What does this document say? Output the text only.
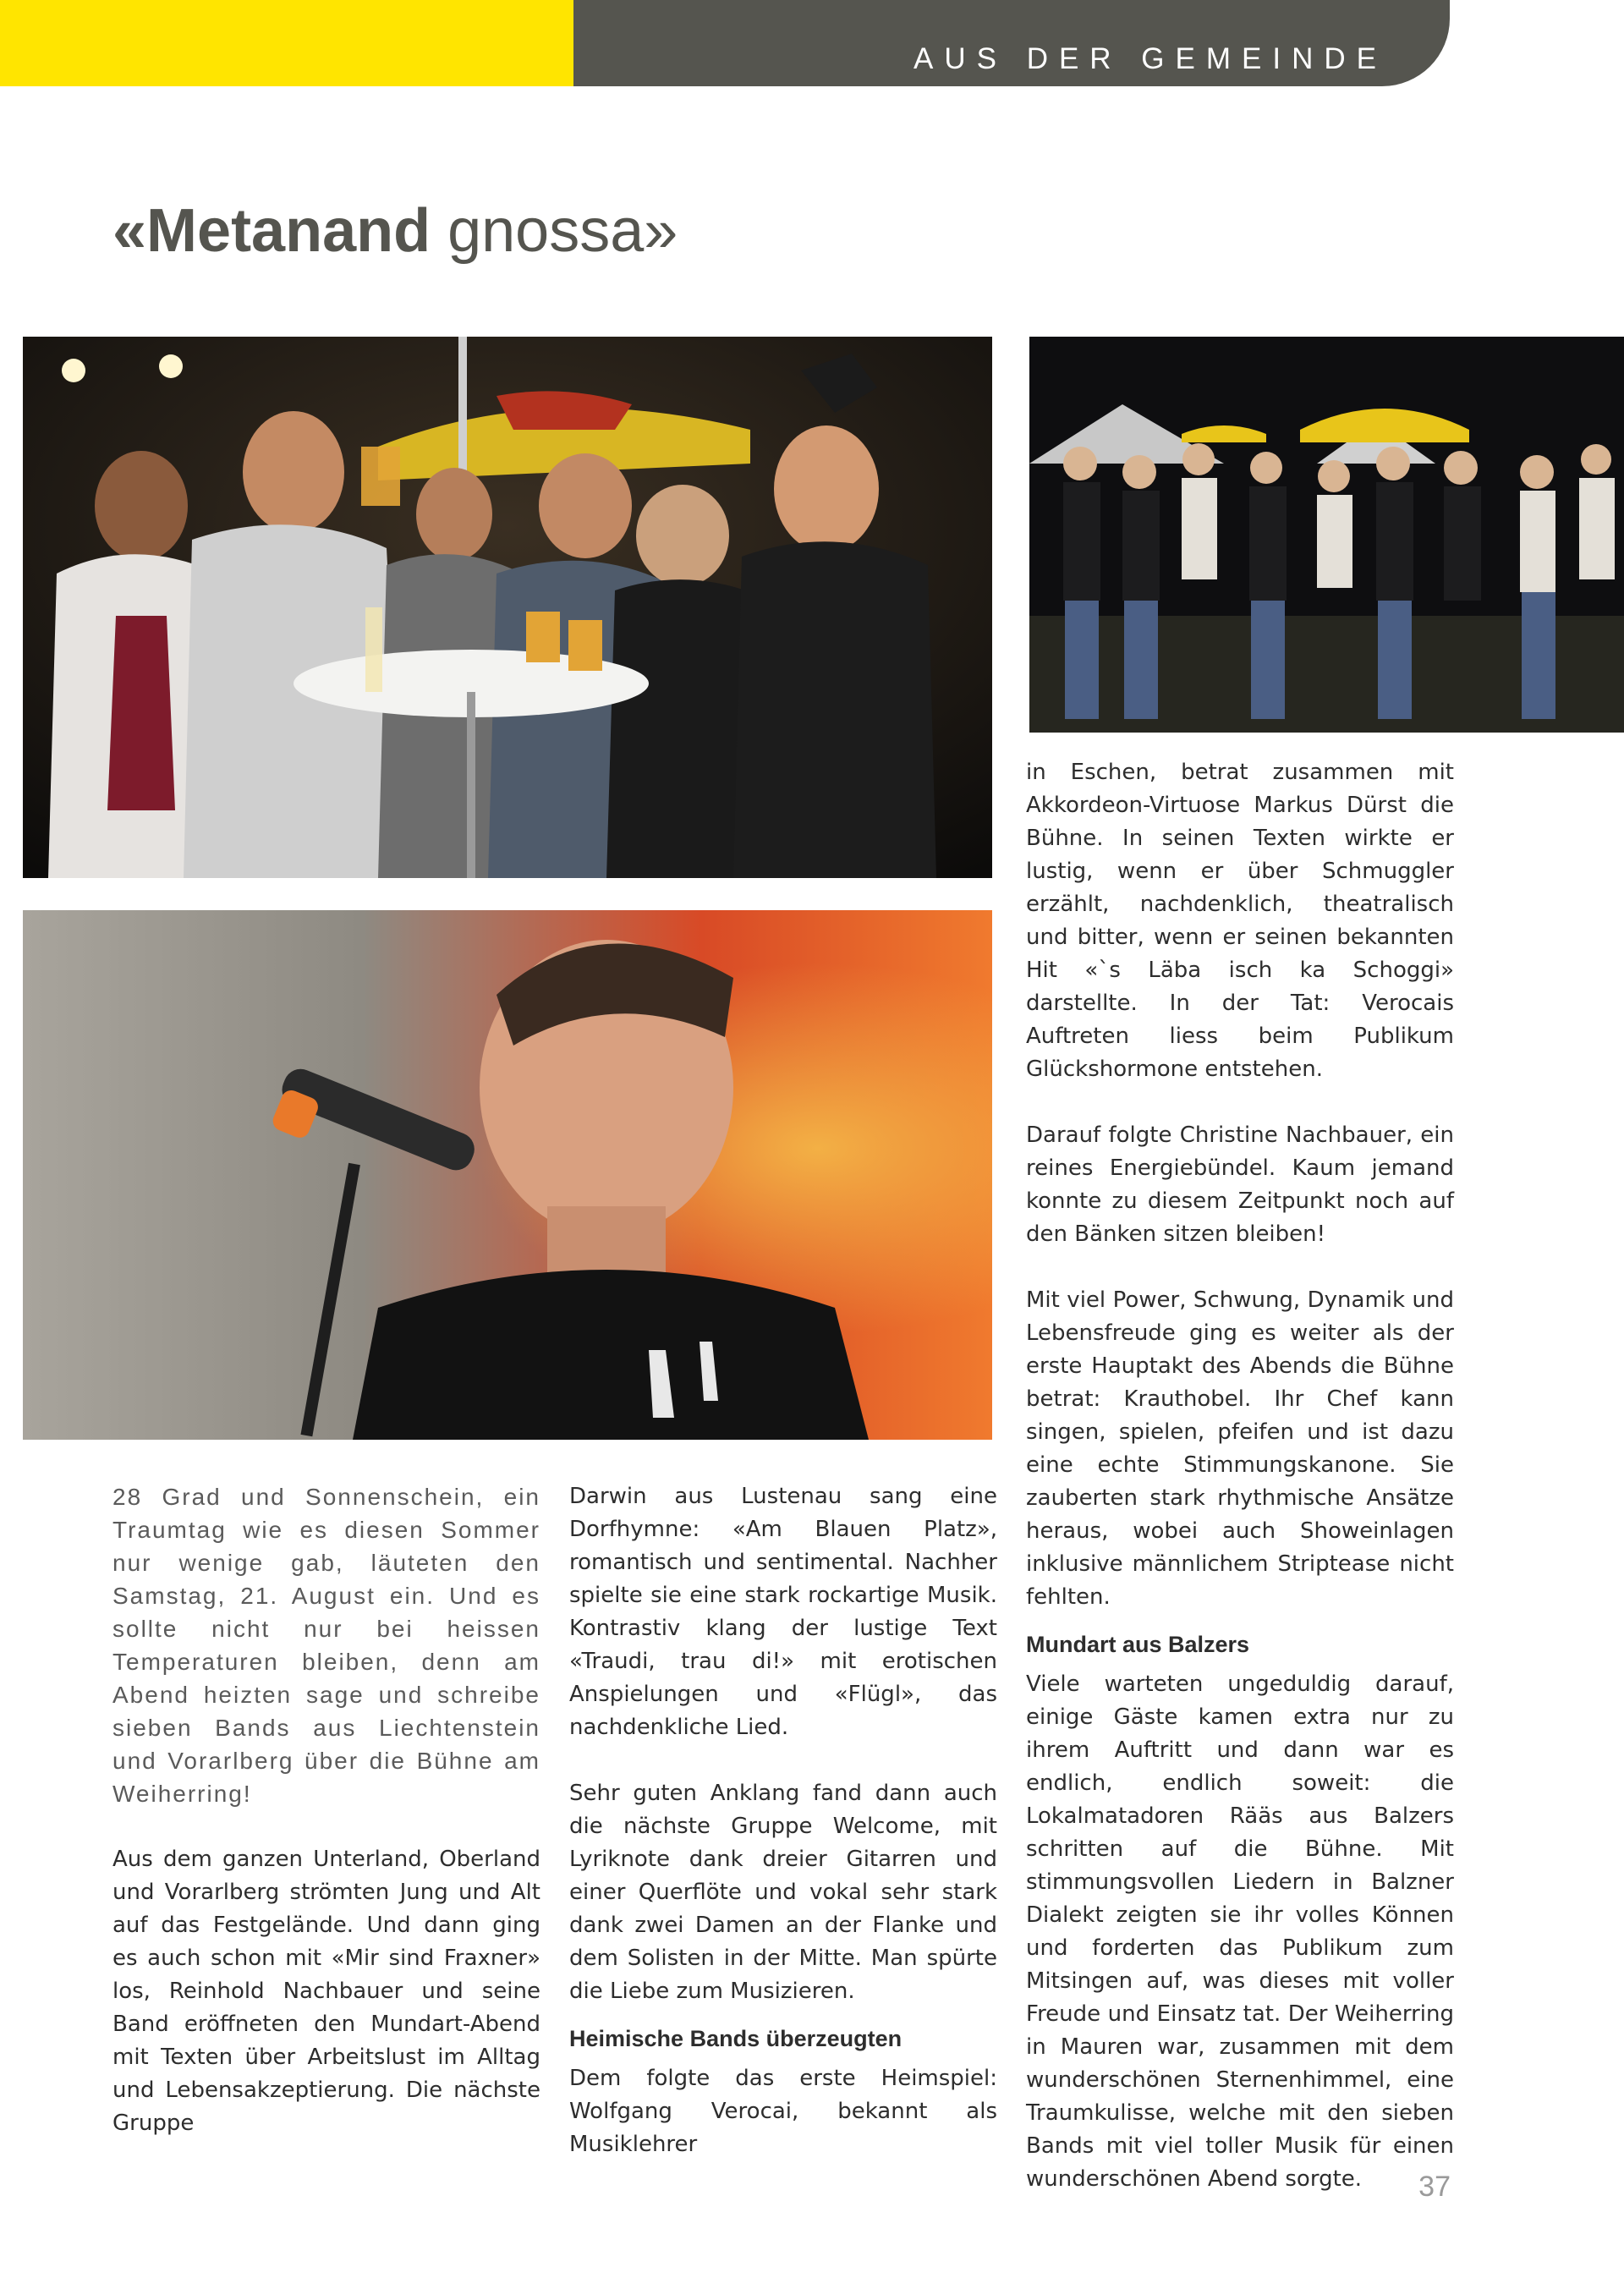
AUS DER GEMEINDE
«Metanand gnossa»

28 Grad und Sonnenschein, ein Traumtag wie es diesen Sommer nur wenige gab, läuteten den Samstag, 21. August ein. Und es sollte nicht nur bei heissen Temperaturen bleiben, denn am Abend heizten sage und schreibe sieben Bands aus Liechtenstein und Vorarlberg über die Bühne am Weiherring!

Aus dem ganzen Unterland, Oberland und Vorarlberg strömten Jung und Alt auf das Festgelände. Und dann ging es auch schon mit «Mir sind Fraxner» los, Reinhold Nachbauer und seine Band eröffneten den Mundart-Abend mit Texten über Arbeitslust im Alltag und Lebensakzeptierung. Die nächste Gruppe

Darwin aus Lustenau sang eine Dorfhymne: «Am Blauen Platz», romantisch und sentimental. Nachher spielte sie eine stark rockartige Musik. Kontrastiv klang der lustige Text «Traudi, trau di!» mit erotischen Anspielungen und «Flügl», das nachdenkliche Lied.

Sehr guten Anklang fand dann auch die nächste Gruppe Welcome, mit Lyriknote dank dreier Gitarren und einer Querflöte und vokal sehr stark dank zwei Damen an der Flanke und dem Solisten in der Mitte. Man spürte die Liebe zum Musizieren.

Heimische Bands überzeugten

Dem folgte das erste Heimspiel: Wolfgang Verocai, bekannt als Musiklehrer

in Eschen, betrat zusammen mit Akkordeon-Virtuose Markus Dürst die Bühne. In seinen Texten wirkte er lustig, wenn er über Schmuggler erzählt, nachdenklich, theatralisch und bitter, wenn er seinen bekannten Hit «`s Läba isch ka Schoggi» darstellte. In der Tat: Verocais Auftreten liess beim Publikum Glückshormone entstehen.

Darauf folgte Christine Nachbauer, ein reines Energiebündel. Kaum jemand konnte zu diesem Zeitpunkt noch auf den Bänken sitzen bleiben!

Mit viel Power, Schwung, Dynamik und Lebensfreude ging es weiter als der erste Hauptakt des Abends die Bühne betrat: Krauthobel. Ihr Chef kann singen, spielen, pfeifen und ist dazu eine echte Stimmungskanone. Sie zauberten stark rhythmische Ansätze heraus, wobei auch Showeinlagen inklusive männlichem Striptease nicht fehlten.

Mundart aus Balzers

Viele warteten ungeduldig darauf, einige Gäste kamen extra nur zu ihrem Auftritt und dann war es endlich, endlich soweit: die Lokalmatadoren Rääs aus Balzers schritten auf die Bühne. Mit stimmungsvollen Liedern in Balzner Dialekt zeigten sie ihr volles Können und forderten das Publikum zum Mitsingen auf, was dieses mit voller Freude und Einsatz tat. Der Weiherring in Mauren war, zusammen mit dem wunderschönen Sternenhimmel, eine Traumkulisse, welche mit den sieben Bands mit viel toller Musik für einen wunderschönen Abend sorgte.	37
